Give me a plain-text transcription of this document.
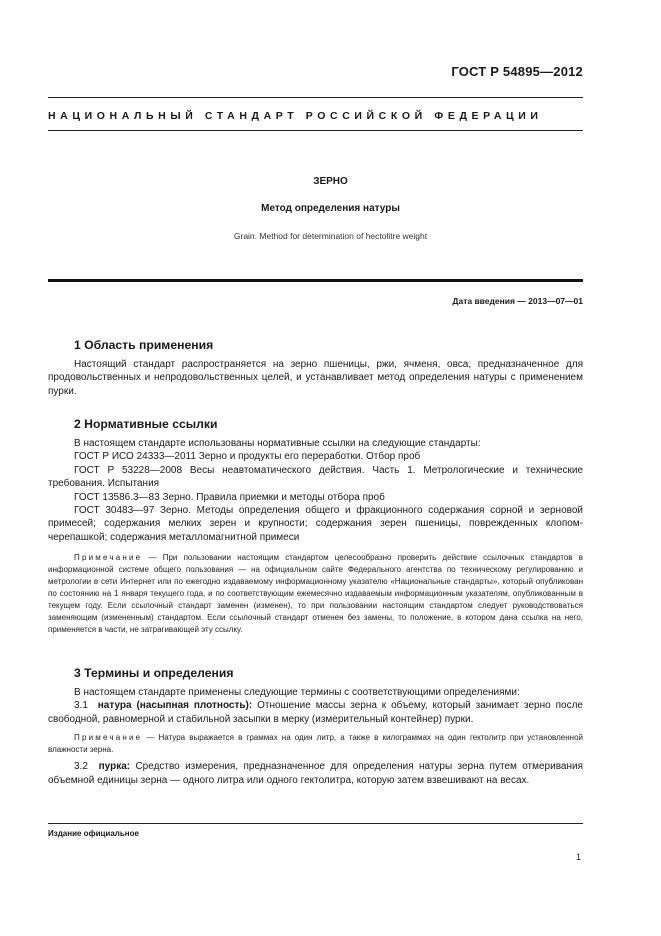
ГОСТ Р 54895—2012
НАЦИОНАЛЬНЫЙ СТАНДАРТ РОССИЙСКОЙ ФЕДЕРАЦИИ
ЗЕРНО
Метод определения натуры
Grain. Method for determination of hectolitre weight
Дата введения — 2013—07—01
1 Область применения

Настоящий стандарт распространяется на зерно пшеницы, ржи, ячменя, овса, предназначенное для продовольственных и непродовольственных целей, и устанавливает метод определения натуры с применением пурки.

2 Нормативные ссылки

В настоящем стандарте использованы нормативные ссылки на следующие стандарты:

ГОСТ Р ИСО 24333—2011 Зерно и продукты его переработки. Отбор проб

ГОСТ Р 53228—2008 Весы неавтоматического действия. Часть 1. Метрологические и технические требования. Испытания

ГОСТ 13586.3—83 Зерно. Правила приемки и методы отбора проб

ГОСТ 30483—97 Зерно. Методы определения общего и фракционного содержания сорной и зерновой примесей; содержания мелких зерен и крупности; содержания зерен пшеницы, поврежденных клопом-черепашкой; содержания металломагнитной примеси

Примечание — При пользовании настоящим стандартом целесообразно проверить действие ссылочных стандартов в информационной системе общего пользования — на официальном сайте Федерального агентства по техническому регулированию и метрологии в сети Интернет или по ежегодно издаваемому информационному указателю «Национальные стандарты», который опубликован по состоянию на 1 января текущего года, и по соответствующим ежемесячно издаваемым информационным указателям, опубликованным в текущем году. Если ссылочный стандарт заменен (изменен), то при пользовании настоящим стандартом следует руководствоваться заменяющим (измененным) стандартом. Если ссылочный стандарт отменен без замены, то положение, в котором дана ссылка на него, применяется в части, не затрагивающей эту ссылку.

3 Термины и определения

В настоящем стандарте применены следующие термины с соответствующими определениями:

3.1 натура (насыпная плотность): Отношение массы зерна к объему, который занимает зерно после свободной, равномерной и стабильной засыпки в мерку (измерительный контейнер) пурки.

Примечание — Натура выражается в граммах на один литр, а также в килограммах на один гектолитр при установленной влажности зерна.

3.2 пурка: Средство измерения, предназначенное для определения натуры зерна путем отмеривания объемной единицы зерна — одного литра или одного гектолитра, которую затем взвешивают на весах.

Издание официальное
1
